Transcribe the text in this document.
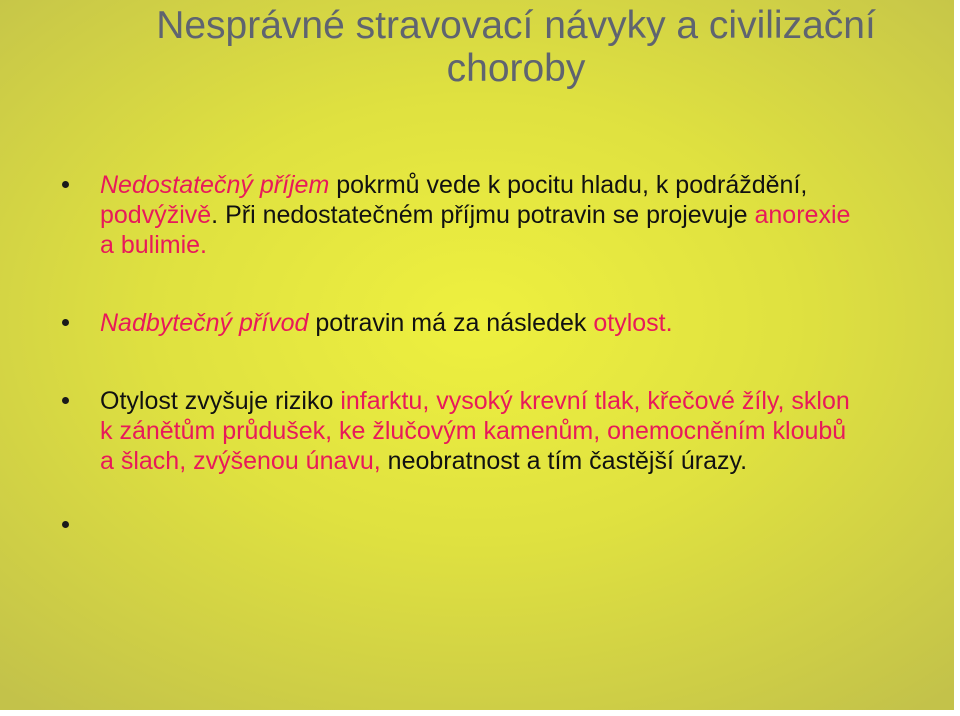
Nesprávné stravovací návyky a civilizační choroby
Nedostatečný příjem pokrmů vede k pocitu hladu, k podráždění, podvýživě. Při nedostatečném příjmu potravin se projevuje anorexie a bulimie.
Nadbytečný přívod potravin má za následek otylost.
Otylost zvyšuje riziko infarktu, vysoký krevní tlak, křečové žíly, sklon k zánětům průdušek, ke žlučovým kamenům, onemocněním kloubů a šlach, zvýšenou únavu, neobratnost a tím častější úrazy.
